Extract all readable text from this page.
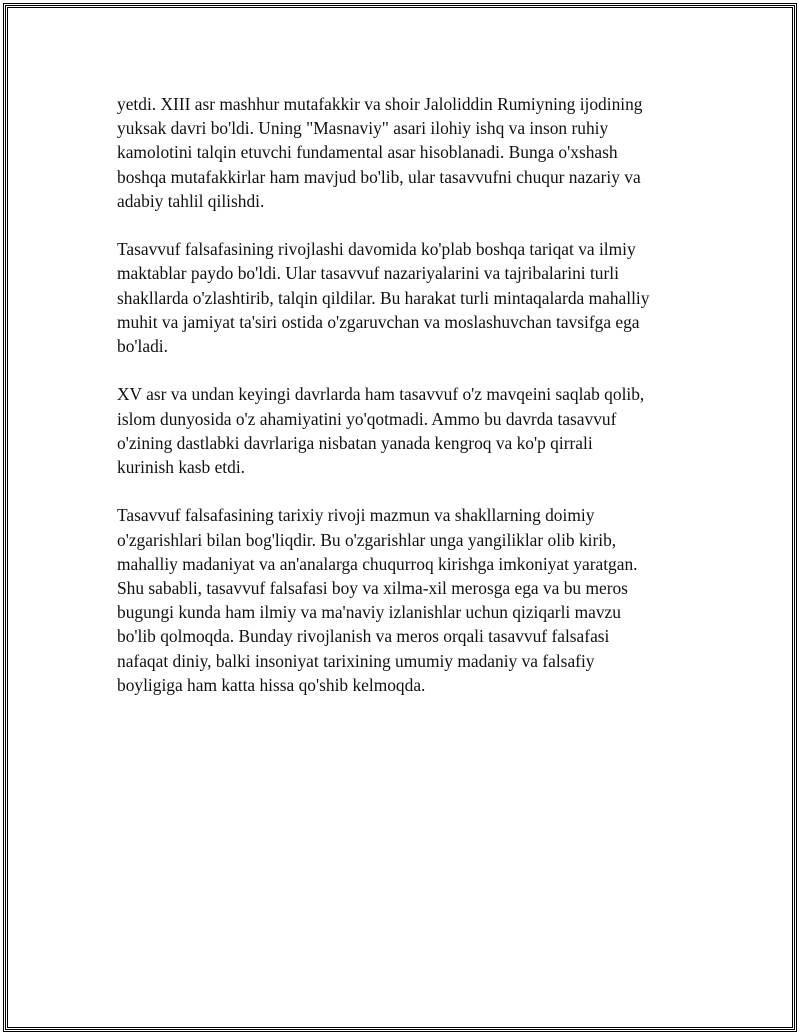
yetdi. XIII asr mashhur mutafakkir va shoir Jaloliddin Rumiyning ijodining
yuksak davri bo'ldi. Uning "Masnaviy" asari ilohiy ishq va inson ruhiy
kamolotini talqin etuvchi fundamental asar hisoblanadi. Bunga o'xshash
boshqa mutafakkirlar ham mavjud bo'lib, ular tasavvufni chuqur nazariy va
adabiy tahlil qilishdi.

Tasavvuf falsafasining rivojlashi davomida ko'plab boshqa tariqat va ilmiy
maktablar paydo bo'ldi. Ular tasavvuf nazariyalarini va tajribalarini turli
shakllarda o'zlashtirib, talqin qildilar. Bu harakat turli mintaqalarda mahalliy
muhit va jamiyat ta'siri ostida o'zgaruvchan va moslashuvchan tavsifga ega
bo'ladi.

XV asr va undan keyingi davrlarda ham tasavvuf o'z mavqeini saqlab qolib,
islom dunyosida o'z ahamiyatini yo'qotmadi. Ammo bu davrda tasavvuf
o'zining dastlabki davrlariga nisbatan yanada kengroq va ko'p qirrali
kurinish kasb etdi.

Tasavvuf falsafasining tarixiy rivoji mazmun va shakllarning doimiy
o'zgarishlari bilan bog'liqdir. Bu o'zgarishlar unga yangiliklar olib kirib,
mahalliy madaniyat va an'analarga chuqurroq kirishga imkoniyat yaratgan.
Shu sababli, tasavvuf falsafasi boy va xilma-xil merosga ega va bu meros
bugungi kunda ham ilmiy va ma'naviy izlanishlar uchun qiziqarli mavzu
bo'lib qolmoqda. Bunday rivojlanish va meros orqali tasavvuf falsafasi
nafaqat diniy, balki insoniyat tarixining umumiy madaniy va falsafiy
boyligiga ham katta hissa qo'shib kelmoqda.
